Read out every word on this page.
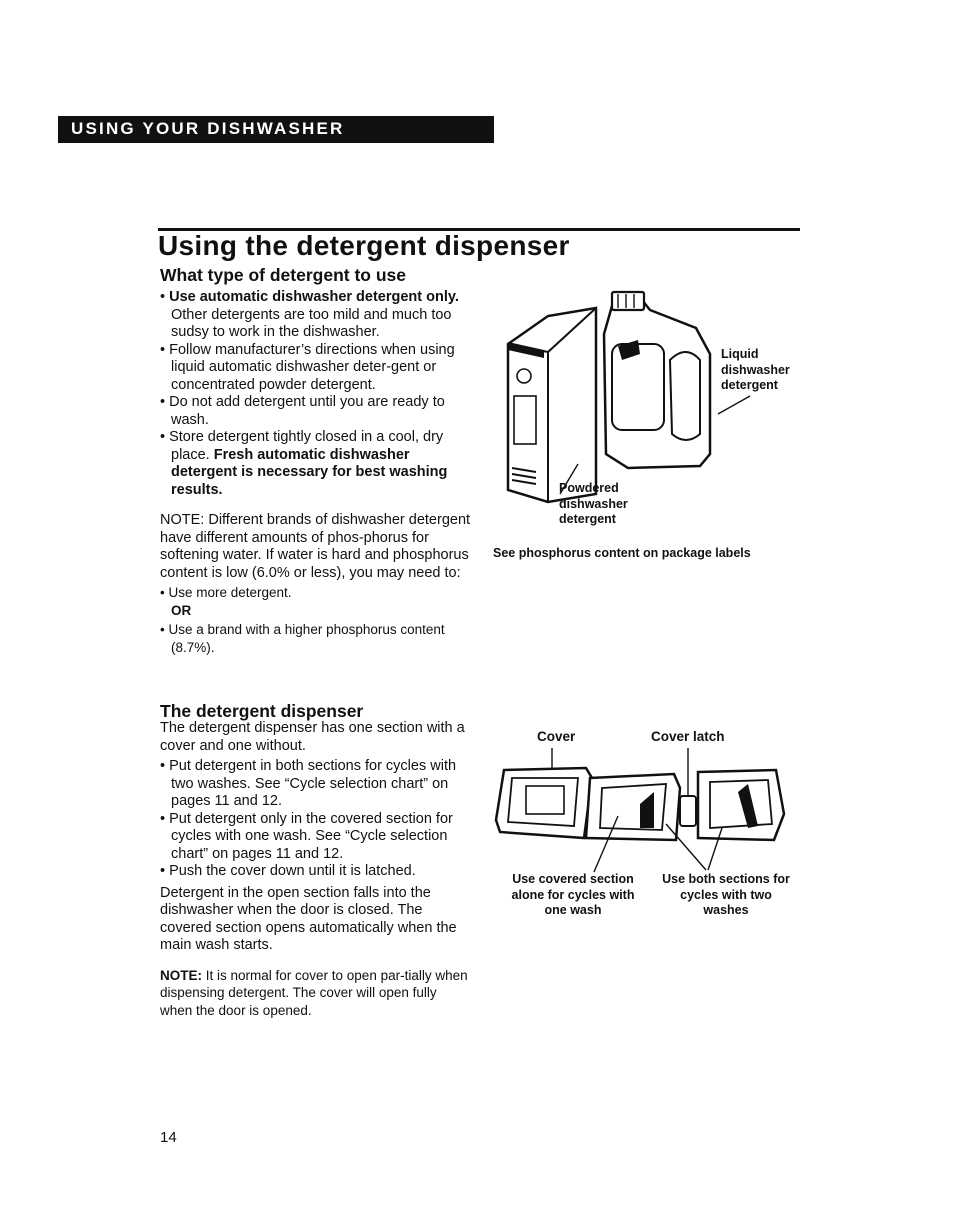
USING YOUR DISHWASHER
Using the detergent dispenser
What type of detergent to use

• Use automatic dishwasher detergent only. Other detergents are too mild and much too sudsy to work in the dishwasher.

• Follow manufacturer’s directions when using liquid automatic dishwasher deter-gent or concentrated powder detergent.

• Do not add detergent until you are ready to wash.

• Store detergent tightly closed in a cool, dry place. Fresh automatic dishwasher detergent is necessary for best washing results.

NOTE: Different brands of dishwasher detergent have different amounts of phos-phorus for softening water. If water is hard and phosphorus content is low (6.0% or less), you may need to:

• Use more detergent.

OR

• Use a brand with a higher phosphorus content (8.7%).

Liquid dishwasher detergent
Powdered dishwasher detergent
See phosphorus content on package labels
The detergent dispenser

The detergent dispenser has one section with a cover and one without.

• Put detergent in both sections for cycles with two washes. See “Cycle selection chart” on pages 11 and 12.

• Put detergent only in the covered section for cycles with one wash. See “Cycle selection chart” on pages 11 and 12.

• Push the cover down until it is latched.

Detergent in the open section falls into the dishwasher when the door is closed. The covered section opens automatically when the main wash starts.

NOTE: It is normal for cover to open par-tially when dispensing detergent. The cover will open fully when the door is opened.

Cover	Cover latch
Use covered section alone for cycles with one wash
Use both sections for cycles with two washes
14
